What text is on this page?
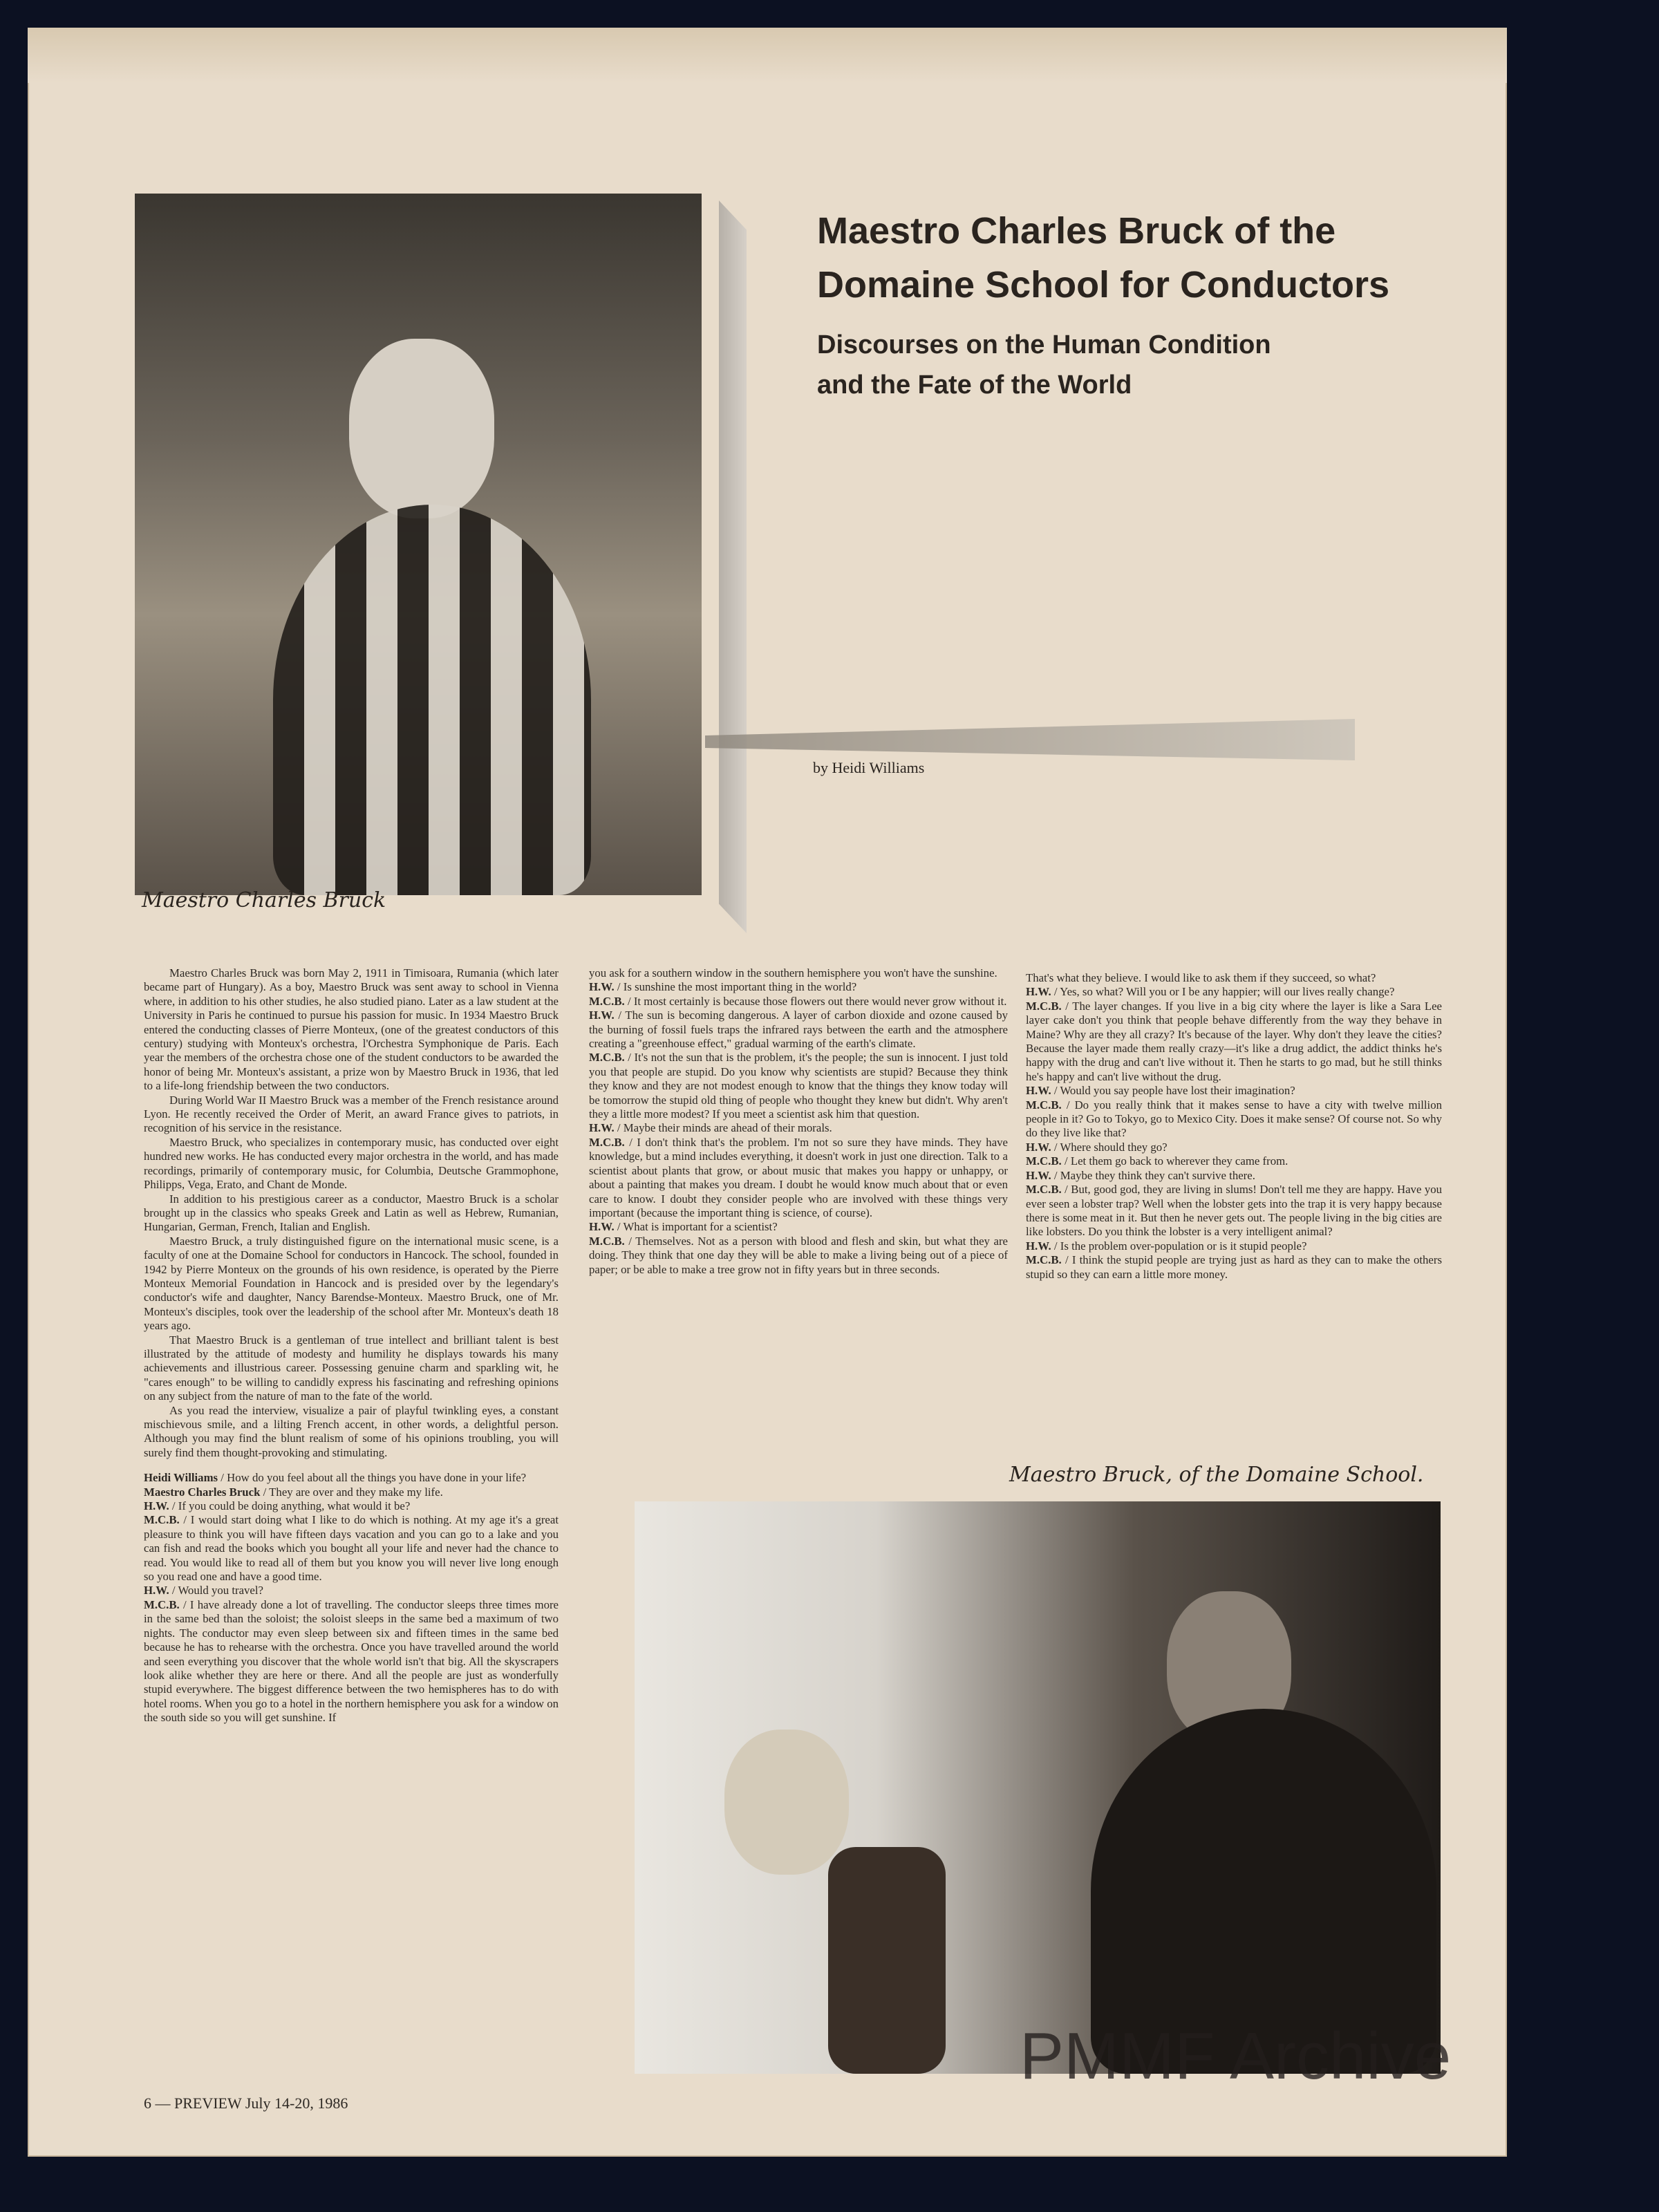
Maestro Charles Bruck of the
Domaine School for Conductors
Discourses on the Human Condition
and the Fate of the World
by Heidi Williams
Maestro Charles Bruck
Maestro Bruck, of the Domaine School.

Maestro Charles Bruck was born May 2, 1911 in Timisoara, Rumania (which later became part of Hungary). As a boy, Maestro Bruck was sent away to school in Vienna where, in addition to his other studies, he also studied piano. Later as a law student at the University in Paris he continued to pursue his passion for music. In 1934 Maestro Bruck entered the conducting classes of Pierre Monteux, (one of the greatest conductors of this century) studying with Monteux's orchestra, l'Orchestra Symphonique de Paris. Each year the members of the orchestra chose one of the student conductors to be awarded the honor of being Mr. Monteux's assistant, a prize won by Maestro Bruck in 1936, that led to a life-long friendship between the two conductors.

During World War II Maestro Bruck was a member of the French resistance around Lyon. He recently received the Order of Merit, an award France gives to patriots, in recognition of his service in the resistance.

Maestro Bruck, who specializes in contemporary music, has conducted over eight hundred new works. He has conducted every major orchestra in the world, and has made recordings, primarily of contemporary music, for Columbia, Deutsche Grammophone, Philipps, Vega, Erato, and Chant de Monde.

In addition to his prestigious career as a conductor, Maestro Bruck is a scholar brought up in the classics who speaks Greek and Latin as well as Hebrew, Rumanian, Hungarian, German, French, Italian and English.

Maestro Bruck, a truly distinguished figure on the international music scene, is a faculty of one at the Domaine School for conductors in Hancock. The school, founded in 1942 by Pierre Monteux on the grounds of his own residence, is operated by the Pierre Monteux Memorial Foundation in Hancock and is presided over by the legendary's conductor's wife and daughter, Nancy Barendse-Monteux. Maestro Bruck, one of Mr. Monteux's disciples, took over the leadership of the school after Mr. Monteux's death 18 years ago.

That Maestro Bruck is a gentleman of true intellect and brilliant talent is best illustrated by the attitude of modesty and humility he displays towards his many achievements and illustrious career. Possessing genuine charm and sparkling wit, he "cares enough" to be willing to candidly express his fascinating and refreshing opinions on any subject from the nature of man to the fate of the world.

As you read the interview, visualize a pair of playful twinkling eyes, a constant mischievous smile, and a lilting French accent, in other words, a delightful person. Although you may find the blunt realism of some of his opinions troubling, you will surely find them thought-provoking and stimulating.

Heidi Williams / How do you feel about all the things you have done in your life?

Maestro Charles Bruck / They are over and they make my life.

H.W. / If you could be doing anything, what would it be?

M.C.B. / I would start doing what I like to do which is nothing. At my age it's a great pleasure to think you will have fifteen days vacation and you can go to a lake and you can fish and read the books which you bought all your life and never had the chance to read. You would like to read all of them but you know you will never live long enough so you read one and have a good time.

H.W. / Would you travel?

M.C.B. / I have already done a lot of travelling. The conductor sleeps three times more in the same bed than the soloist; the soloist sleeps in the same bed a maximum of two nights. The conductor may even sleep between six and fifteen times in the same bed because he has to rehearse with the orchestra. Once you have travelled around the world and seen everything you discover that the whole world isn't that big. All the skyscrapers look alike whether they are here or there. And all the people are just as wonderfully stupid everywhere. The biggest difference between the two hemispheres has to do with hotel rooms. When you go to a hotel in the northern hemisphere you ask for a window on the south side so you will get sunshine. If

you ask for a southern window in the southern hemisphere you won't have the sunshine.

H.W. / Is sunshine the most important thing in the world?

M.C.B. / It most certainly is because those flowers out there would never grow without it.

H.W. / The sun is becoming dangerous. A layer of carbon dioxide and ozone caused by the burning of fossil fuels traps the infrared rays between the earth and the atmosphere creating a "greenhouse effect," gradual warming of the earth's climate.

M.C.B. / It's not the sun that is the problem, it's the people; the sun is innocent. I just told you that people are stupid. Do you know why scientists are stupid? Because they think they know and they are not modest enough to know that the things they know today will be tomorrow the stupid old thing of people who thought they knew but didn't. Why aren't they a little more modest? If you meet a scientist ask him that question.

H.W. / Maybe their minds are ahead of their morals.

M.C.B. / I don't think that's the problem. I'm not so sure they have minds. They have knowledge, but a mind includes everything, it doesn't work in just one direction. Talk to a scientist about plants that grow, or about music that makes you happy or unhappy, or about a painting that makes you dream. I doubt he would know much about that or even care to know. I doubt they consider people who are involved with these things very important (because the important thing is science, of course).

H.W. / What is important for a scientist?

M.C.B. / Themselves. Not as a person with blood and flesh and skin, but what they are doing. They think that one day they will be able to make a living being out of a piece of paper; or be able to make a tree grow not in fifty years but in three seconds.

That's what they believe. I would like to ask them if they succeed, so what?

H.W. / Yes, so what? Will you or I be any happier; will our lives really change?

M.C.B. / The layer changes. If you live in a big city where the layer is like a Sara Lee layer cake don't you think that people behave differently from the way they behave in Maine? Why are they all crazy? It's because of the layer. Why don't they leave the cities? Because the layer made them really crazy—it's like a drug addict, the addict thinks he's happy with the drug and can't live without it. Then he starts to go mad, but he still thinks he's happy and can't live without the drug.

H.W. / Would you say people have lost their imagination?

M.C.B. / Do you really think that it makes sense to have a city with twelve million people in it? Go to Tokyo, go to Mexico City. Does it make sense? Of course not. So why do they live like that?

H.W. / Where should they go?

M.C.B. / Let them go back to wherever they came from.

H.W. / Maybe they think they can't survive there.

M.C.B. / But, good god, they are living in slums! Don't tell me they are happy. Have you ever seen a lobster trap? Well when the lobster gets into the trap it is very happy because there is some meat in it. But then he never gets out. The people living in the big cities are like lobsters. Do you think the lobster is a very intelligent animal?

H.W. / Is the problem over-population or is it stupid people?

M.C.B. / I think the stupid people are trying just as hard as they can to make the others stupid so they can earn a little more money.

6 — PREVIEW July 14-20, 1986
PMMF Archive
